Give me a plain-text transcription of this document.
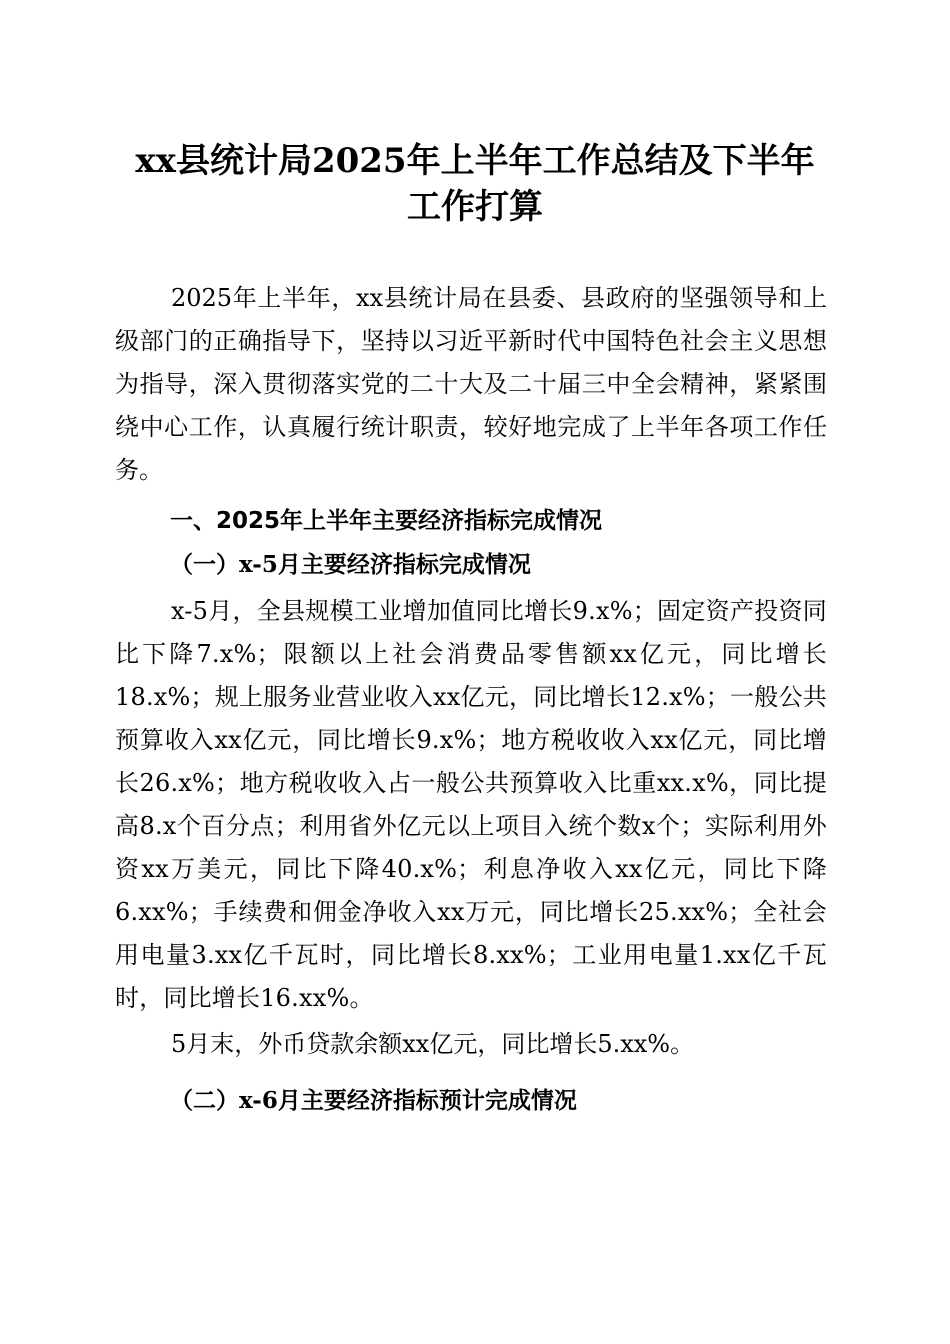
xx县统计局2025年上半年工作总结及下半年
工作打算

2025年上半年，xx县统计局在县委、县政府的坚强领导和上级部门的正确指导下，坚持以习近平新时代中国特色社会主义思想为指导，深入贯彻落实党的二十大及二十届三中全会精神，紧紧围绕中心工作，认真履行统计职责，较好地完成了上半年各项工作任务。

一、2025年上半年主要经济指标完成情况
（一）x-5月主要经济指标完成情况

x-5月，全县规模工业增加值同比增长9.x%；固定资产投资同比下降7.x%；限额以上社会消费品零售额xx亿元，同比增长18.x%；规上服务业营业收入xx亿元，同比增长12.x%；一般公共预算收入xx亿元，同比增长9.x%；地方税收收入xx亿元，同比增长26.x%；地方税收收入占一般公共预算收入比重xx.x%，同比提高8.x个百分点；利用省外亿元以上项目入统个数x个；实际利用外资xx万美元，同比下降40.x%；利息净收入xx亿元，同比下降6.xx%；手续费和佣金净收入xx万元，同比增长25.xx%；全社会用电量3.xx亿千瓦时，同比增长8.xx%；工业用电量1.xx亿千瓦时，同比增长16.xx%。

5月末，外币贷款余额xx亿元，同比增长5.xx%。

（二）x-6月主要经济指标预计完成情况
